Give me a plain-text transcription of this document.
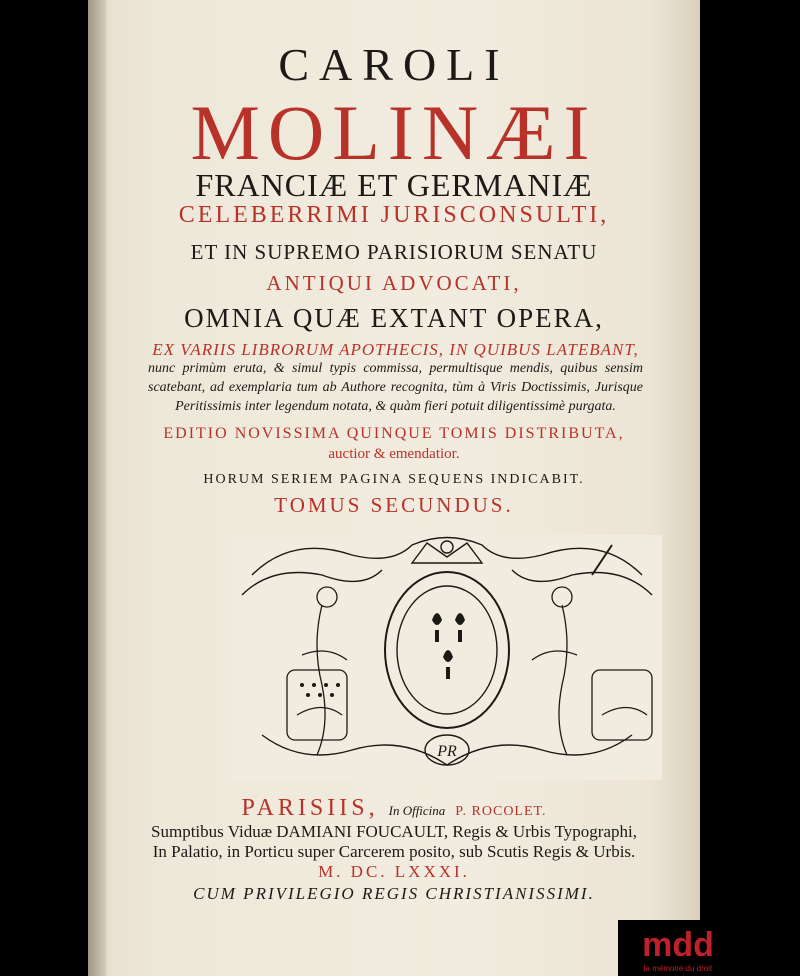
CAROLI
MOLINÆI
FRANCIÆ ET GERMANIÆ
CELEBERRIMI JURISCONSULTI,
ET IN SUPREMO PARISIORUM SENATU
ANTIQUI ADVOCATI,
OMNIA QUÆ EXTANT OPERA,
EX VARIIS LIBRORUM APOTHECIS, IN QUIBUS LATEBANT,
nunc primùm eruta, & simul typis commissa, permultisque mendis, quibus sensim scatebant, ad exemplaria tum ab Authore recognita, tùm à Viris Doctissimis, Jurisque Peritissimis inter legendum notata, & quàm fieri potuit diligentissimè purgata.
EDITIO NOVISSIMA QUINQUE TOMIS DISTRIBUTA,
auctior & emendatior.
HORUM SERIEM PAGINA SEQUENS INDICABIT.
TOMUS SECUNDUS.
PR
PARISIIS, In Officina P. ROCOLET.
Sumptibus Viduæ DAMIANI FOUCAULT, Regis & Urbis Typographi,
In Palatio, in Porticu super Carcerem posito, sub Scutis Regis & Urbis.
M. DC. LXXXI.
CUM PRIVILEGIO REGIS CHRISTIANISSIMI.
mdd
la mémoire du droit
